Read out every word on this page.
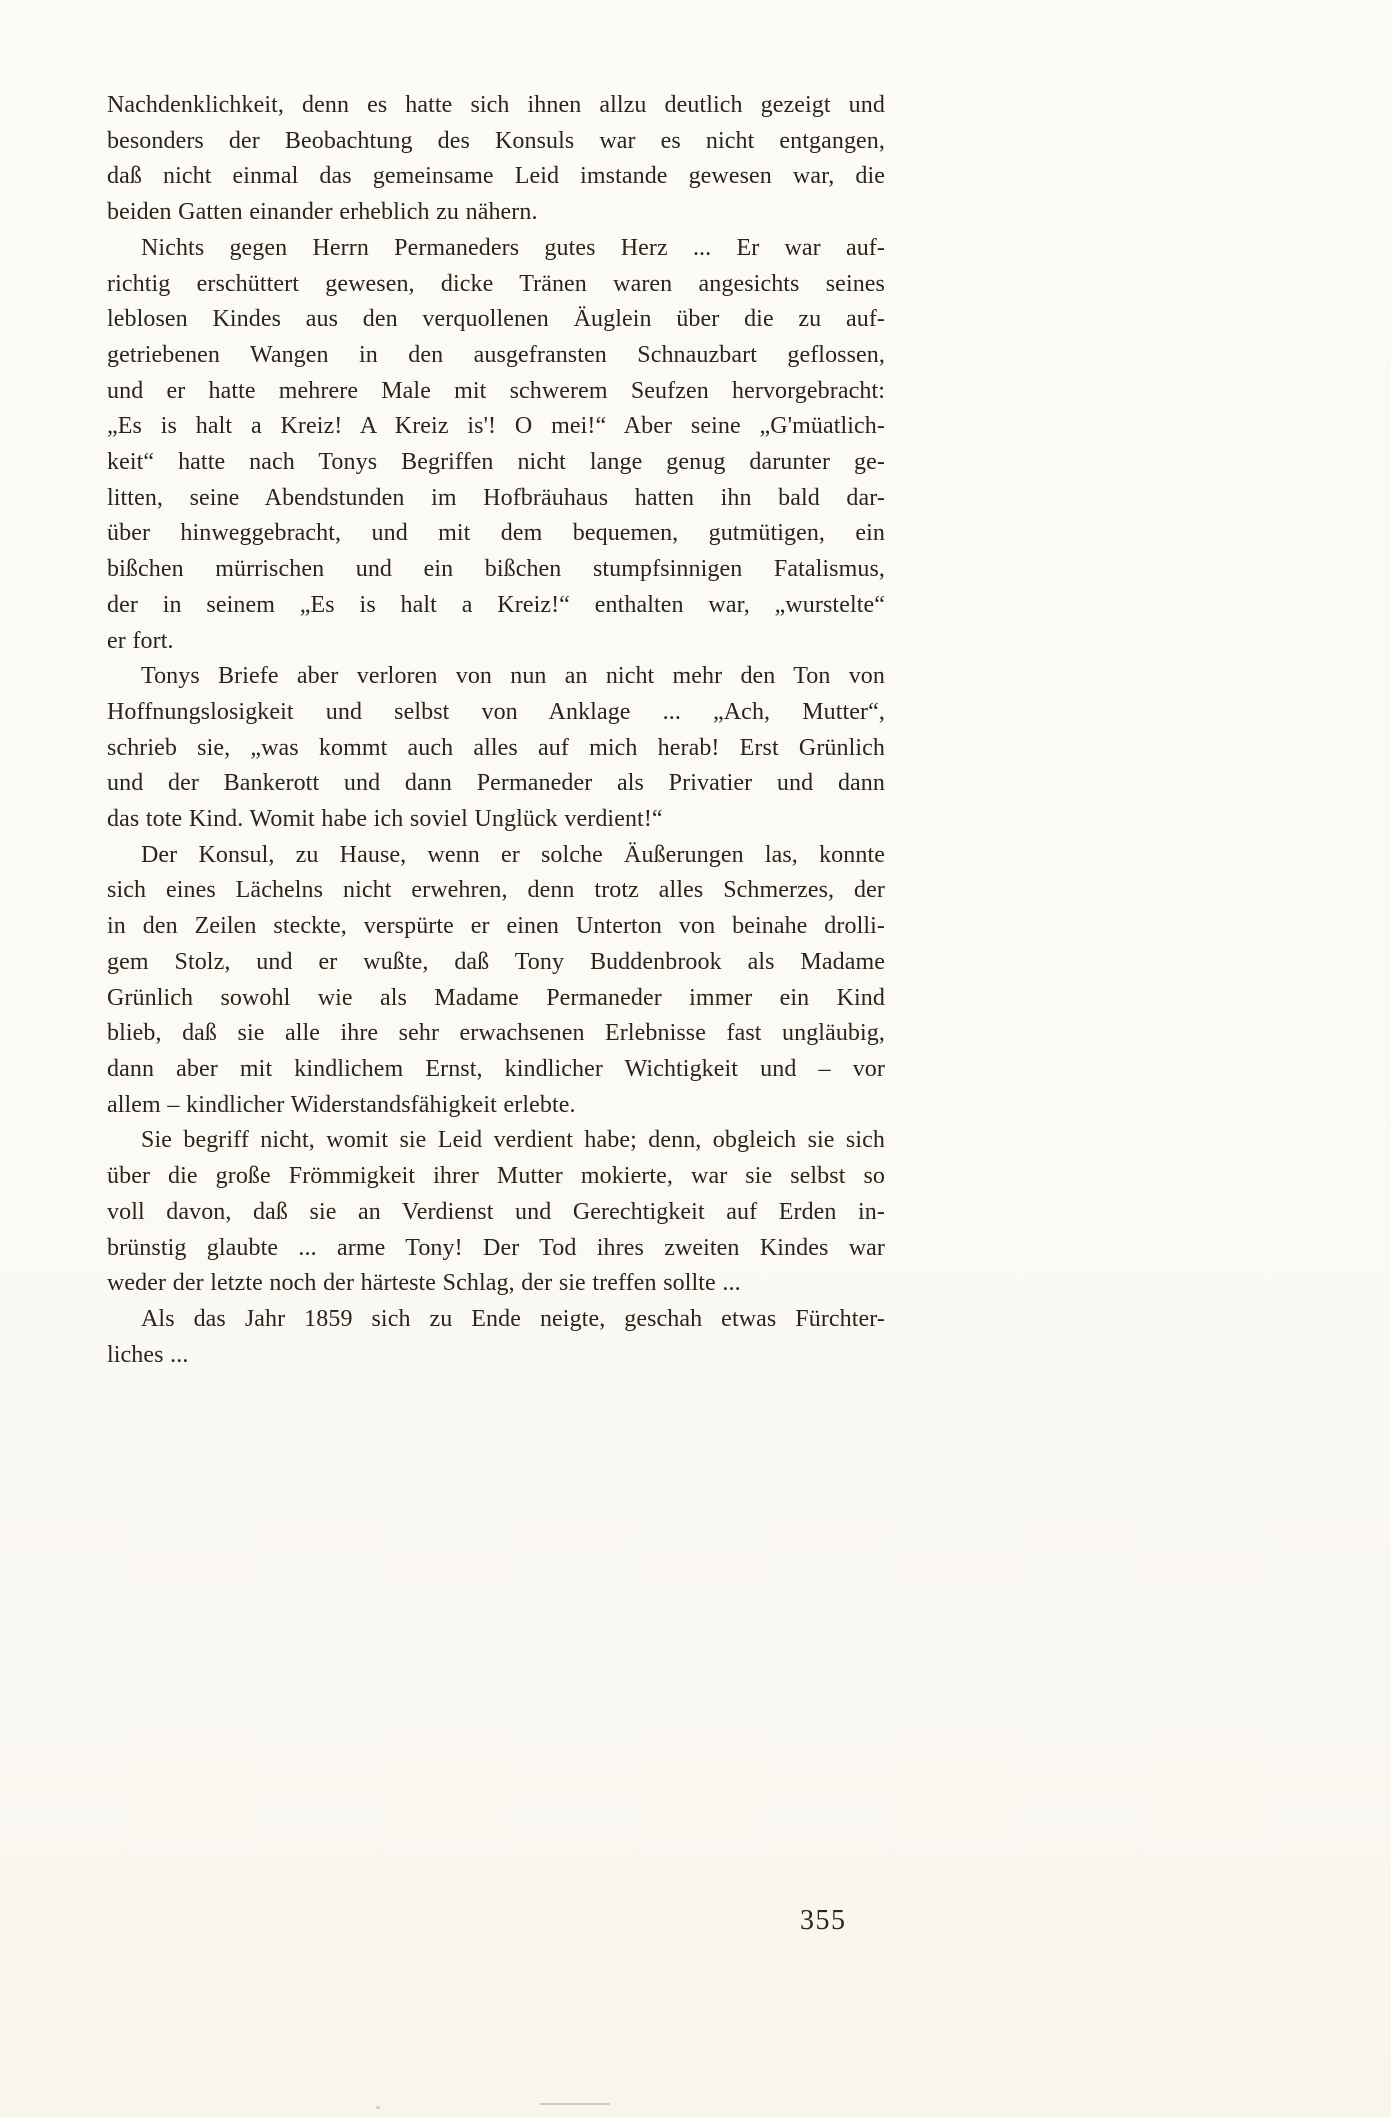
Nachdenklichkeit, denn es hatte sich ihnen allzu deutlich gezeigt und
besonders der Beobachtung des Konsuls war es nicht entgangen,
daß nicht einmal das gemeinsame Leid imstande gewesen war, die
beiden Gatten einander erheblich zu nähern.
Nichts gegen Herrn Permaneders gutes Herz ... Er war auf-
richtig erschüttert gewesen, dicke Tränen waren angesichts seines
leblosen Kindes aus den verquollenen Äuglein über die zu auf-
getriebenen Wangen in den ausgefransten Schnauzbart geflossen,
und er hatte mehrere Male mit schwerem Seufzen hervorgebracht:
„Es is halt a Kreiz! A Kreiz is'! O mei!“ Aber seine „G'müatlich-
keit“ hatte nach Tonys Begriffen nicht lange genug darunter ge-
litten, seine Abendstunden im Hofbräuhaus hatten ihn bald dar-
über hinweggebracht, und mit dem bequemen, gutmütigen, ein
bißchen mürrischen und ein bißchen stumpfsinnigen Fatalismus,
der in seinem „Es is halt a Kreiz!“ enthalten war, „wurstelte“
er fort.
Tonys Briefe aber verloren von nun an nicht mehr den Ton von
Hoffnungslosigkeit und selbst von Anklage ... „Ach, Mutter“,
schrieb sie, „was kommt auch alles auf mich herab! Erst Grünlich
und der Bankerott und dann Permaneder als Privatier und dann
das tote Kind. Womit habe ich soviel Unglück verdient!“
Der Konsul, zu Hause, wenn er solche Äußerungen las, konnte
sich eines Lächelns nicht erwehren, denn trotz alles Schmerzes, der
in den Zeilen steckte, verspürte er einen Unterton von beinahe drolli-
gem Stolz, und er wußte, daß Tony Buddenbrook als Madame
Grünlich sowohl wie als Madame Permaneder immer ein Kind
blieb, daß sie alle ihre sehr erwachsenen Erlebnisse fast ungläubig,
dann aber mit kindlichem Ernst, kindlicher Wichtigkeit und – vor
allem – kindlicher Widerstandsfähigkeit erlebte.
Sie begriff nicht, womit sie Leid verdient habe; denn, obgleich sie sich
über die große Frömmigkeit ihrer Mutter mokierte, war sie selbst so
voll davon, daß sie an Verdienst und Gerechtigkeit auf Erden in-
brünstig glaubte ... arme Tony! Der Tod ihres zweiten Kindes war
weder der letzte noch der härteste Schlag, der sie treffen sollte ...
Als das Jahr 1859 sich zu Ende neigte, geschah etwas Fürchter-
liches ...
355
